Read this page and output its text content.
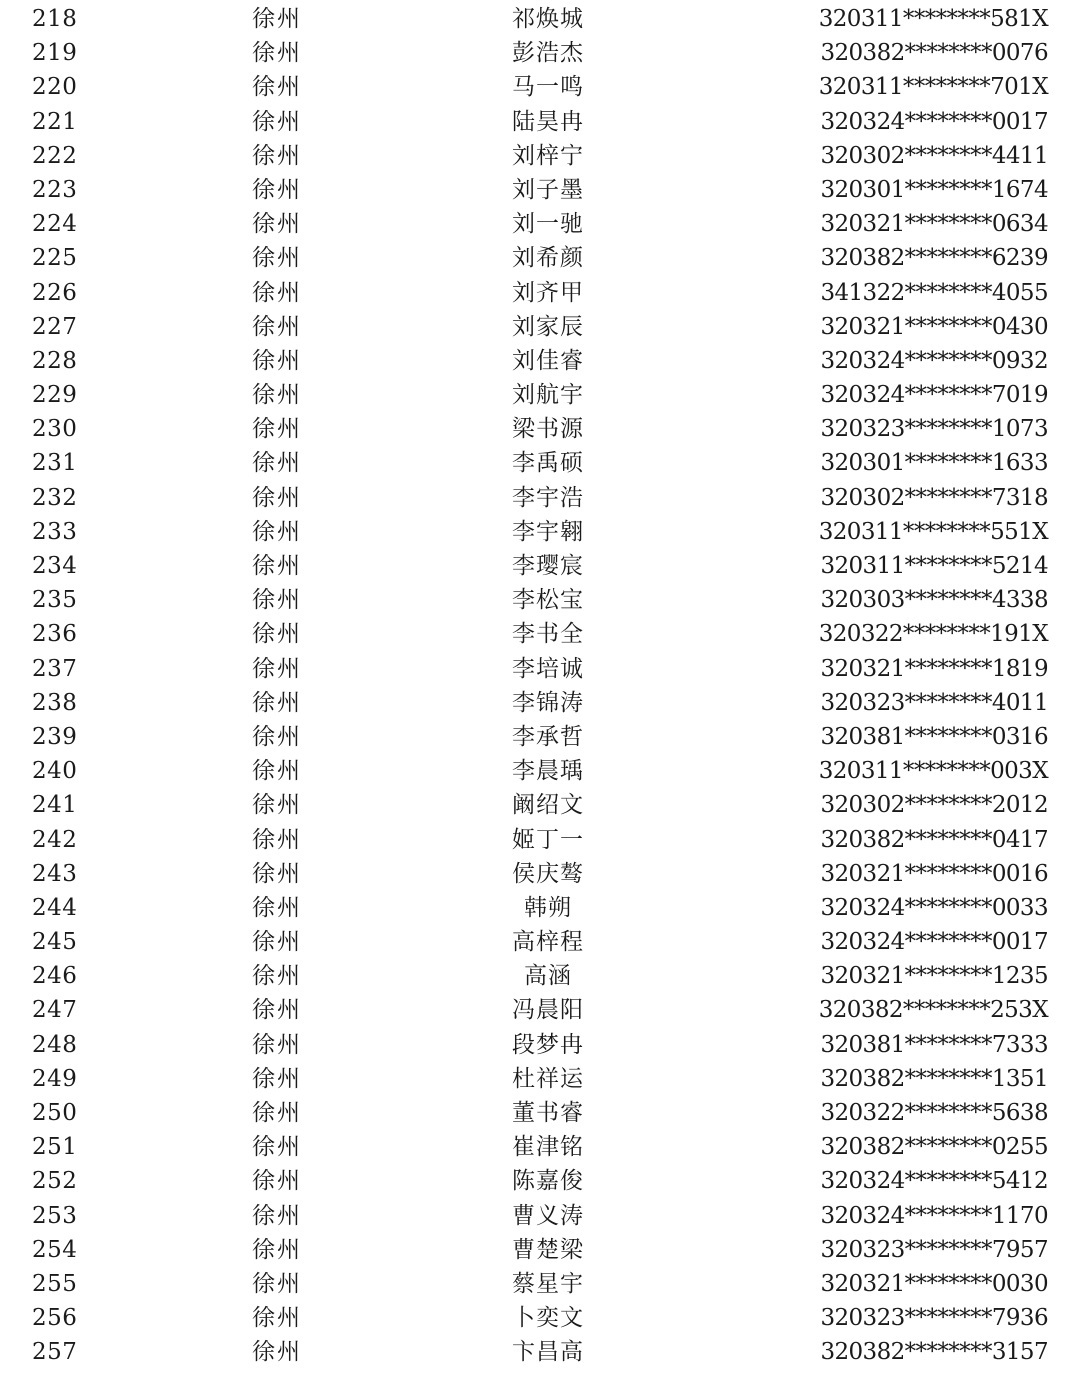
218	徐州	祁焕城	320311********581X
219	徐州	彭浩杰	320382********0076
220	徐州	马一鸣	320311********701X
221	徐州	陆昊冉	320324********0017
222	徐州	刘梓宁	320302********4411
223	徐州	刘子墨	320301********1674
224	徐州	刘一驰	320321********0634
225	徐州	刘希颜	320382********6239
226	徐州	刘齐甲	341322********4055
227	徐州	刘家辰	320321********0430
228	徐州	刘佳睿	320324********0932
229	徐州	刘航宇	320324********7019
230	徐州	梁书源	320323********1073
231	徐州	李禹硕	320301********1633
232	徐州	李宇浩	320302********7318
233	徐州	李宇翱	320311********551X
234	徐州	李璎宸	320311********5214
235	徐州	李松宝	320303********4338
236	徐州	李书全	320322********191X
237	徐州	李培诚	320321********1819
238	徐州	李锦涛	320323********4011
239	徐州	李承哲	320381********0316
240	徐州	李晨瑀	320311********003X
241	徐州	阚绍文	320302********2012
242	徐州	姬丁一	320382********0417
243	徐州	侯庆骜	320321********0016
244	徐州	韩朔	320324********0033
245	徐州	高梓程	320324********0017
246	徐州	高涵	320321********1235
247	徐州	冯晨阳	320382********253X
248	徐州	段梦冉	320381********7333
249	徐州	杜祥运	320382********1351
250	徐州	董书睿	320322********5638
251	徐州	崔津铭	320382********0255
252	徐州	陈嘉俊	320324********5412
253	徐州	曹义涛	320324********1170
254	徐州	曹楚梁	320323********7957
255	徐州	蔡星宇	320321********0030
256	徐州	卜奕文	320323********7936
257	徐州	卞昌高	320382********3157
